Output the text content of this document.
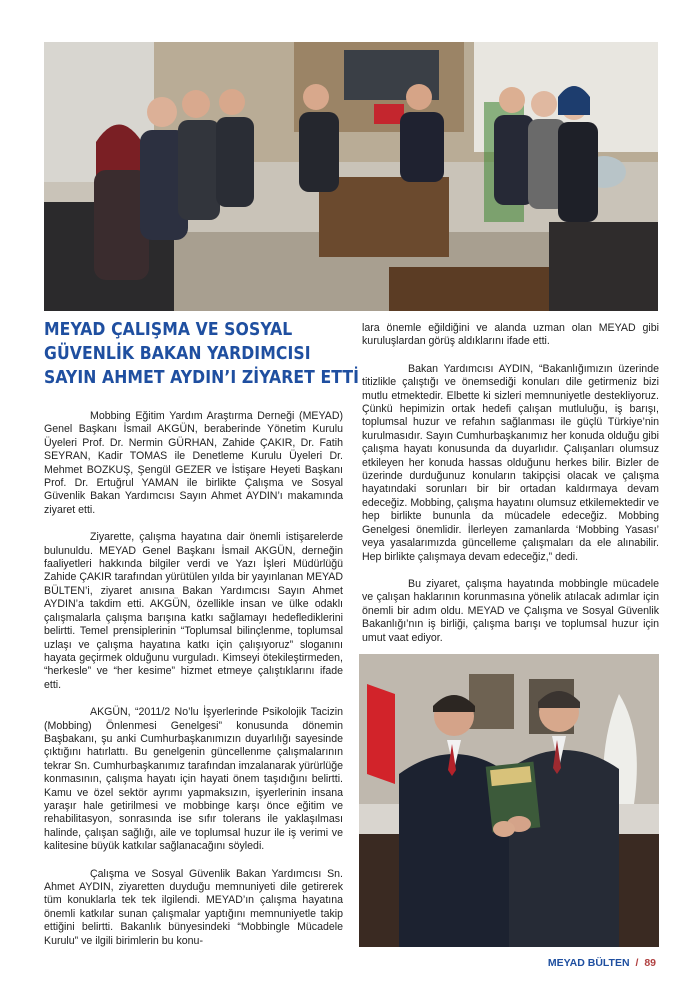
MEYAD ÇALIŞMA VE SOSYAL
GÜVENLİK BAKAN YARDIMCISI
SAYIN AHMET AYDIN’I ZİYARET ETTİ

Mobbing Eğitim Yardım Araştırma Derneği (MEYAD) Genel Başkanı İsmail AKGÜN, beraberinde Yönetim Kurulu Üyeleri Prof. Dr. Nermin GÜRHAN, Zahide ÇAKIR, Dr. Fatih SEYRAN, Kadir TOMAS ile Denetleme Kurulu Üyeleri Dr. Mehmet BOZKUŞ, Şengül GEZER ve İstişare Heyeti Başkanı Prof. Dr. Ertuğrul YAMAN ile birlikte Çalışma ve Sosyal Güvenlik Bakan Yardımcısı Sayın Ahmet AYDIN’ı makamında ziyaret etti.

Ziyarette, çalışma hayatına dair önemli istişarelerde bulunuldu. MEYAD Genel Başkanı İsmail AKGÜN, derneğin faaliyetleri hakkında bilgiler verdi ve Yazı İşleri Müdürlüğü Zahide ÇAKIR tarafından yürütülen yılda bir yayınlanan MEYAD BÜLTEN’i, ziyaret anısına Bakan Yardımcısı Sayın Ahmet AYDIN’a takdim etti. AKGÜN, özellikle insan ve ülke odaklı çalışmalarla çalışma barışına katkı sağlamayı hedeflediklerini belirtti. Temel prensiplerinin “Toplumsal bilinçlenme, toplumsal uzlaşı ve çalışma hayatına katkı için çalışıyoruz” sloganını hayata geçirmek olduğunu vurguladı. Kimseyi ötekileştirmeden, “herkesle” ve “her kesime” hizmet etmeye çalıştıklarını ifade etti.

AKGÜN, “2011/2 No’lu İşyerlerinde Psikolojik Tacizin (Mobbing) Önlenmesi Genelgesi” konusunda dönemin Başbakanı, şu anki Cumhurbaşkanımızın duyarlılığı sayesinde çıktığını hatırlattı. Bu genelgenin güncellenme çalışmalarının tekrar Sn. Cumhurbaşkanımız tarafından imzalanarak yürürlüğe konmasının, çalışma hayatı için hayati önem taşıdığını belirtti. Kamu ve özel sektör ayrımı yapmaksızın, işyerlerinin insana yaraşır hale getirilmesi ve mobbinge karşı önce eğitim ve rehabilitasyon, sonrasında ise sıfır tolerans ile yaklaşılması halinde, çalışan sağlığı, aile ve toplumsal huzur ile iş verimi ve kalitesine büyük katkılar sağlanacağını söyledi.

Çalışma ve Sosyal Güvenlik Bakan Yardımcısı Sn. Ahmet AYDIN, ziyaretten duyduğu memnuniyeti dile getirerek tüm konuklarla tek tek ilgilendi. MEYAD’ın çalışma hayatına önemli katkılar sunan çalışmalar yaptığını memnuniyetle takip ettiğini belirtti. Bakanlık bünyesindeki “Mobbingle Mücadele Kurulu” ve ilgili birimlerin bu konu-

lara önemle eğildiğini ve alanda uzman olan MEYAD gibi kuruluşlardan görüş aldıklarını ifade etti.

Bakan Yardımcısı AYDIN, “Bakanlığımızın üzerinde titizlikle çalıştığı ve önemsediği konuları dile getirmeniz bizi mutlu etmektedir. Elbette ki sizleri memnuniyetle destekliyoruz. Çünkü hepimizin ortak hedefi çalışan mutluluğu, iş barışı, toplumsal huzur ve refahın sağlanması ile güçlü Türkiye’nin kurulmasıdır. Sayın Cumhurbaşkanımız her konuda olduğu gibi çalışma hayatı konusunda da duyarlıdır. Çalışanları olumsuz etkileyen her konuda hassas olduğunu herkes bilir. Bizler de üzerinde durduğunuz konuların takipçisi olacak ve çalışma hayatındaki sorunları bir bir ortadan kaldırmaya devam edeceğiz. Mobbing, çalışma hayatını olumsuz etkilemektedir ve hep birlikte bununla da mücadele edeceğiz. Mobbing Genelgesi önemlidir. İlerleyen zamanlarda ‘Mobbing Yasası’ veya yasalarımızda güncelleme çalışmaları da ele alınabilir. Hep birlikte çalışmaya devam edeceğiz,” dedi.

Bu ziyaret, çalışma hayatında mobbingle mücadele ve çalışan haklarının korunmasına yönelik atılacak adımlar için önemli bir adım oldu. MEYAD ve Çalışma ve Sosyal Güvenlik Bakanlığı’nın iş birliği, çalışma barışı ve toplumsal huzur için umut vaat ediyor.

MEYAD BÜLTEN / 89
